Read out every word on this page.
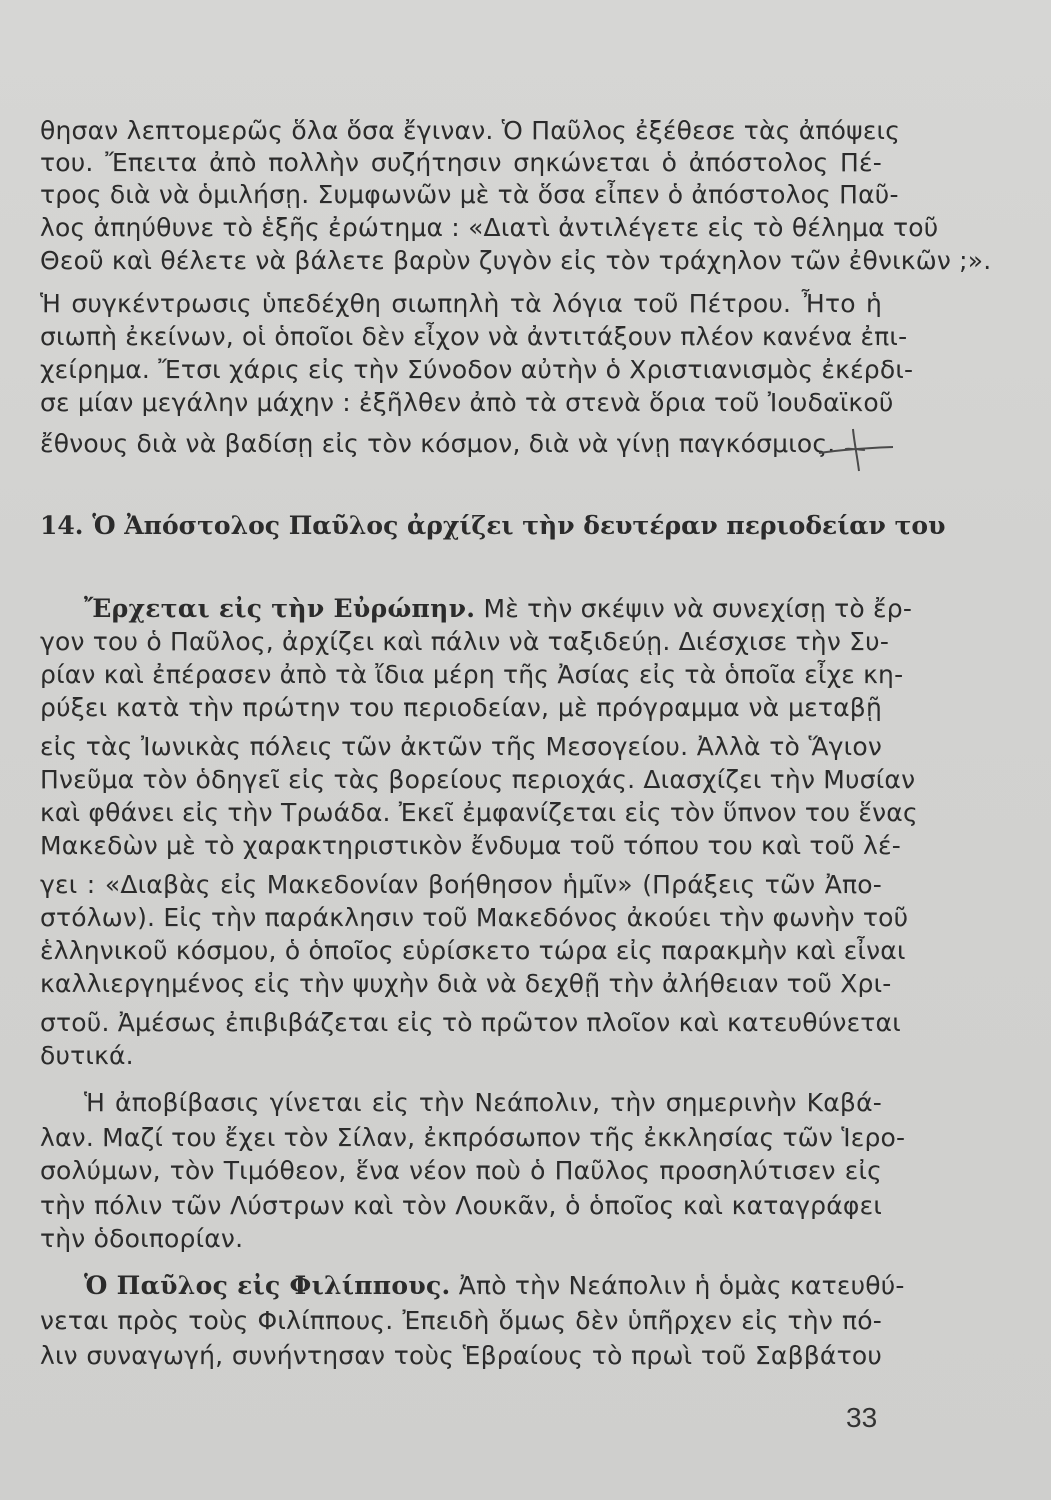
θησαν λεπτομερῶς ὅλα ὅσα ἔγιναν. Ὁ Παῦλος ἐξέθεσε τὰς ἀπόψεις
του. Ἔπειτα ἀπὸ πολλὴν συζήτησιν σηκώνεται ὁ ἀπόστολος Πέ-
τρος διὰ νὰ ὁμιλήσῃ. Συμφωνῶν μὲ τὰ ὅσα εἶπεν ὁ ἀπόστολος Παῦ-
λος ἀπηύθυνε τὸ ἑξῆς ἐρώτημα : «Διατὶ ἀντιλέγετε εἰς τὸ θέλημα τοῦ
Θεοῦ καὶ θέλετε νὰ βάλετε βαρὺν ζυγὸν εἰς τὸν τράχηλον τῶν ἐθνικῶν ;».
Ἡ συγκέντρωσις ὑπεδέχθη σιωπηλὴ τὰ λόγια τοῦ Πέτρου. Ἦτο ἡ
σιωπὴ ἐκείνων, οἱ ὁποῖοι δὲν εἶχον νὰ ἀντιτάξουν πλέον κανένα ἐπι-
χείρημα. Ἔτσι χάρις εἰς τὴν Σύνοδον αὐτὴν ὁ Χριστιανισμὸς ἐκέρδι-
σε μίαν μεγάλην μάχην : ἐξῆλθεν ἀπὸ τὰ στενὰ ὅρια τοῦ Ἰουδαϊκοῦ
ἔθνους διὰ νὰ βαδίσῃ εἰς τὸν κόσμον, διὰ νὰ γίνῃ παγκόσμιος.
14. Ὁ Ἀπόστολος Παῦλος ἀρχίζει τὴν δευτέραν περιοδείαν του
Ἔρχεται εἰς τὴν Εὐρώπην. Μὲ τὴν σκέψιν νὰ συνεχίσῃ τὸ ἔρ-
γον του ὁ Παῦλος, ἀρχίζει καὶ πάλιν νὰ ταξιδεύῃ. Διέσχισε τὴν Συ-
ρίαν καὶ ἐπέρασεν ἀπὸ τὰ ἴδια μέρη τῆς Ἀσίας εἰς τὰ ὁποῖα εἶχε κη-
ρύξει κατὰ τὴν πρώτην του περιοδείαν, μὲ πρόγραμμα νὰ μεταβῇ
εἰς τὰς Ἰωνικὰς πόλεις τῶν ἀκτῶν τῆς Μεσογείου. Ἀλλὰ τὸ Ἅγιον
Πνεῦμα τὸν ὁδηγεῖ εἰς τὰς βορείους περιοχάς. Διασχίζει τὴν Μυσίαν
καὶ φθάνει εἰς τὴν Τρωάδα. Ἐκεῖ ἐμφανίζεται εἰς τὸν ὕπνον του ἕνας
Μακεδὼν μὲ τὸ χαρακτηριστικὸν ἔνδυμα τοῦ τόπου του καὶ τοῦ λέ-
γει : «Διαβὰς εἰς Μακεδονίαν βοήθησον ἡμῖν» (Πράξεις τῶν Ἀπο-
στόλων). Εἰς τὴν παράκλησιν τοῦ Μακεδόνος ἀκούει τὴν φωνὴν τοῦ
ἑλληνικοῦ κόσμου, ὁ ὁποῖος εὑρίσκετο τώρα εἰς παρακμὴν καὶ εἶναι
καλλιεργημένος εἰς τὴν ψυχὴν διὰ νὰ δεχθῇ τὴν ἀλήθειαν τοῦ Χρι-
στοῦ. Ἀμέσως ἐπιβιβάζεται εἰς τὸ πρῶτον πλοῖον καὶ κατευθύνεται
δυτικά.
Ἡ ἀποβίβασις γίνεται εἰς τὴν Νεάπολιν, τὴν σημερινὴν Καβά-
λαν. Μαζί του ἔχει τὸν Σίλαν, ἐκπρόσωπον τῆς ἐκκλησίας τῶν Ἱερο-
σολύμων, τὸν Τιμόθεον, ἕνα νέον ποὺ ὁ Παῦλος προσηλύτισεν εἰς
τὴν πόλιν τῶν Λύστρων καὶ τὸν Λουκᾶν, ὁ ὁποῖος καὶ καταγράφει
τὴν ὁδοιπορίαν.
Ὁ Παῦλος εἰς Φιλίππους. Ἀπὸ τὴν Νεάπολιν ἡ ὁμὰς κατευθύ-
νεται πρὸς τοὺς Φιλίππους. Ἐπειδὴ ὅμως δὲν ὑπῆρχεν εἰς τὴν πό-
λιν συναγωγή, συνήντησαν τοὺς Ἑβραίους τὸ πρωὶ τοῦ Σαββάτου
33
